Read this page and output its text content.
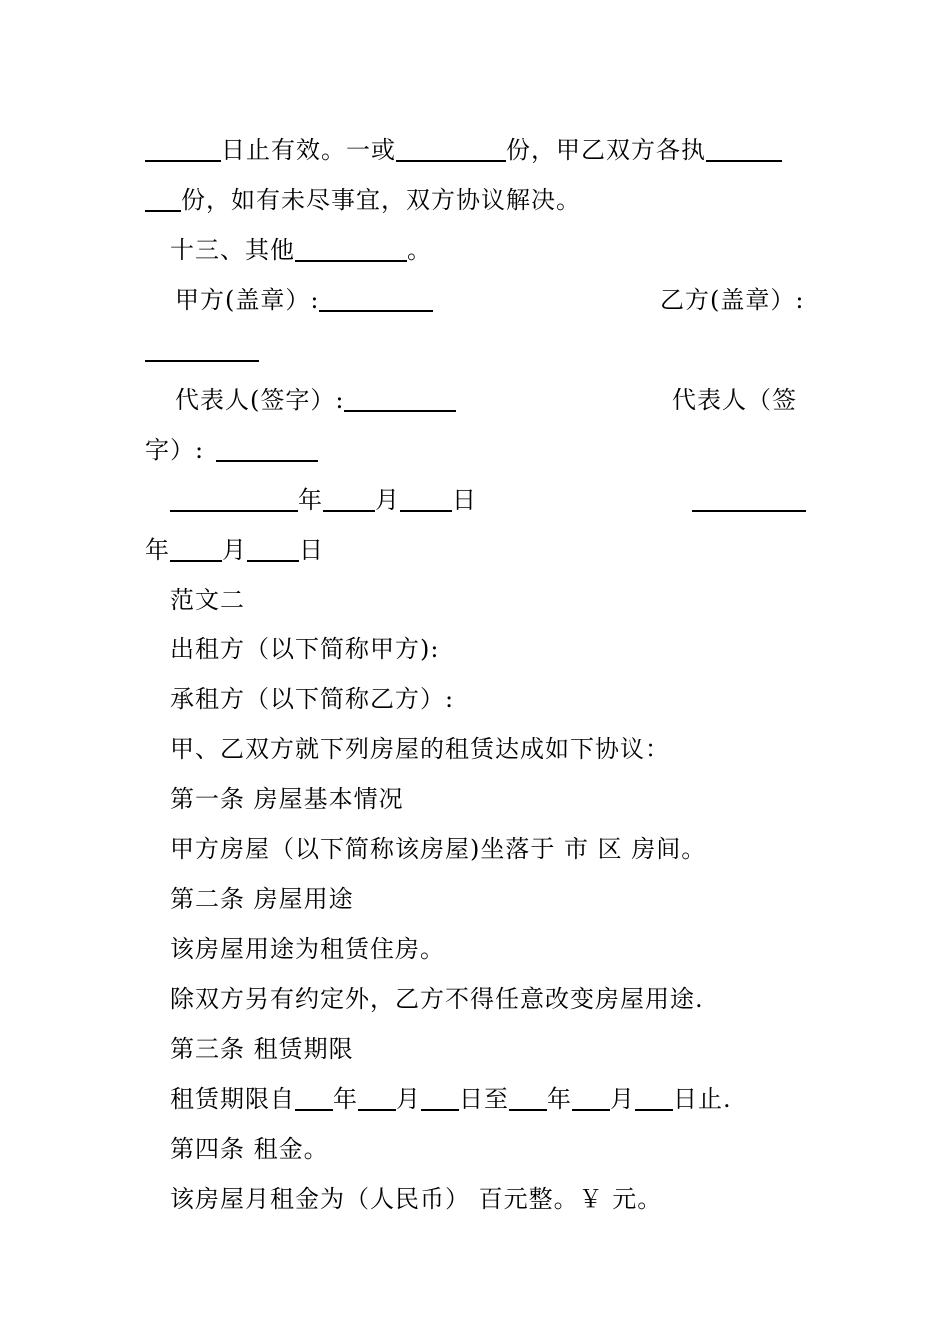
日止有效。一或	份，甲乙双方各执
份，如有未尽事宜，双方协议解决。
十三、其他	。
甲方(盖章）:	乙方(盖章）:
代表人(签字）:	代表人（签
字）:
年 月 日
年 月 日
范文二
出租方（以下简称甲方):
承租方（以下简称乙方）:
甲、乙双方就下列房屋的租赁达成如下协议：
第一条 房屋基本情况
甲方房屋（以下简称该房屋)坐落于 市 区 房间。
第二条 房屋用途
该房屋用途为租赁住房。
除双方另有约定外，乙方不得任意改变房屋用途.
第三条 租赁期限
租赁期限自 年 月 日至 年 月 日止.
第四条 租金。
该房屋月租金为（人民币） 百元整。￥ 元。
